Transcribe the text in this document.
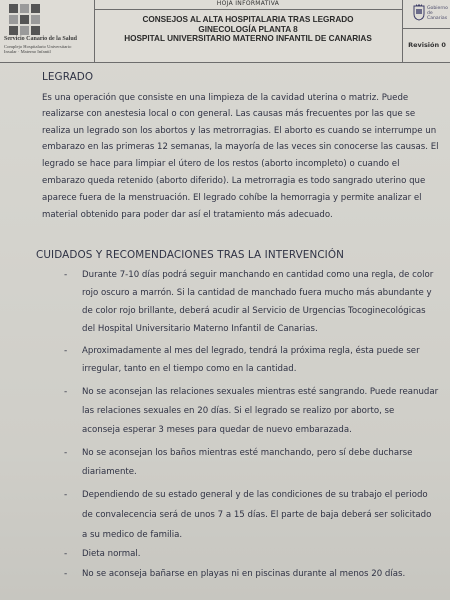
Servicio Canario de la Salud
Complejo Hospitalario Universitario
Insular · Materno Infantil
HOJA INFORMATIVA
CONSEJOS AL ALTA HOSPITALARIA TRAS LEGRADO
GINECOLOGÍA PLANTA 8
HOSPITAL UNIVERSITARIO MATERNO INFANTIL DE CANARIAS
Gobierno
de Canarias
Revisión 0
LEGRADO
Es una operación que consiste en una limpieza de la cavidad uterina o matriz. Puede
realizarse con anestesia local o con general. Las causas más frecuentes por las que se
realiza un legrado son los abortos y las metrorragias. El aborto es cuando se interrumpe un
embarazo en las primeras 12 semanas, la mayoría de las veces sin conocerse las causas. El
legrado se hace para limpiar el útero de los restos (aborto incompleto) o cuando el
embarazo queda retenido (aborto diferido). La metrorragia es todo sangrado uterino que
aparece fuera de la menstruación. El legrado cohíbe la hemorragia y permite analizar el
material obtenido para poder dar así el tratamiento más adecuado.
CUIDADOS Y RECOMENDACIONES TRAS LA INTERVENCIÓN
- Durante 7-10 días podrá seguir manchando en cantidad como una regla, de color
rojo oscuro a marrón. Si la cantidad de manchado fuera mucho más abundante y
de color rojo brillante, deberá acudir al Servicio de Urgencias Tocoginecológicas
del Hospital Universitario Materno Infantil de Canarias.
- Aproximadamente al mes del legrado, tendrá la próxima regla, ésta puede ser
irregular, tanto en el tiempo como en la cantidad.
- No se aconsejan las relaciones sexuales mientras esté sangrando. Puede reanudar
las relaciones sexuales en 20 días. Si el legrado se realizo por aborto, se
aconseja esperar 3 meses para quedar de nuevo embarazada.
- No se aconsejan los baños mientras esté manchando, pero sí debe ducharse
diariamente.
- Dependiendo de su estado general y de las condiciones de su trabajo el periodo
de convalecencia será de unos 7 a 15 días. El parte de baja deberá ser solicitado
a su medico de familia.
- Dieta normal.
- No se aconseja bañarse en playas ni en piscinas durante al menos 20 días.
